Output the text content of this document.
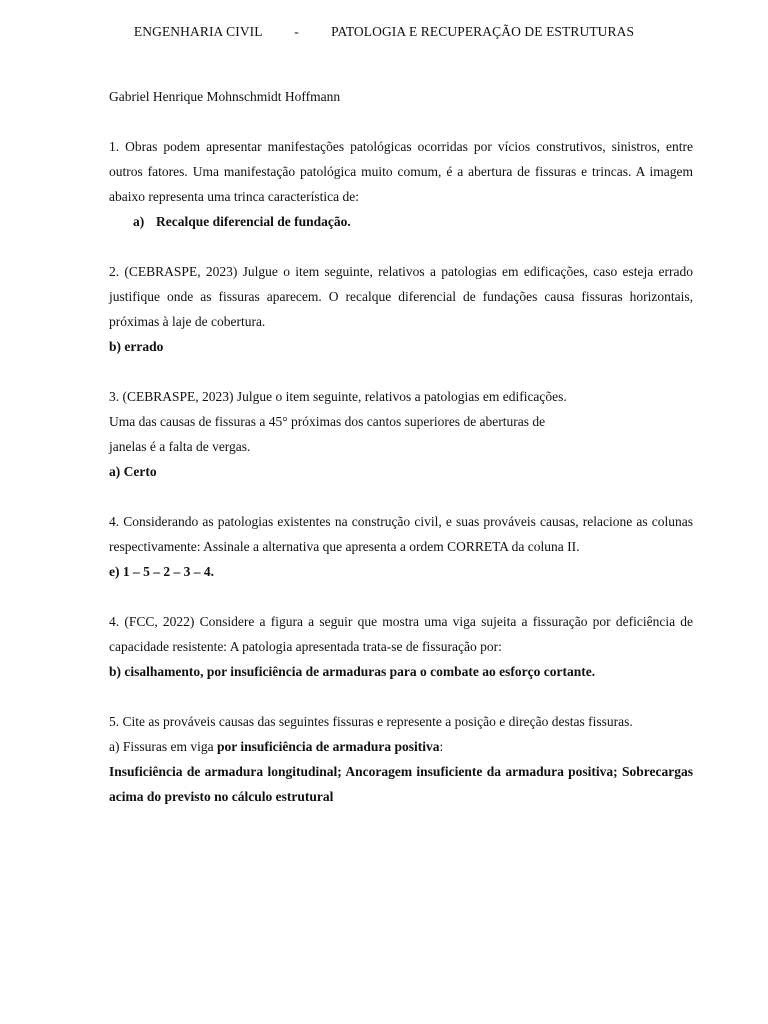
ENGENHARIA CIVIL - PATOLOGIA E RECUPERAÇÃO DE ESTRUTURAS

Gabriel Henrique Mohnschmidt Hoffmann

1. Obras podem apresentar manifestações patológicas ocorridas por vícios construtivos, sinistros, entre outros fatores. Uma manifestação patológica muito comum, é a abertura de fissuras e trincas. A imagem abaixo representa uma trinca característica de:

a) Recalque diferencial de fundação.

2. (CEBRASPE, 2023) Julgue o item seguinte, relativos a patologias em edificações, caso esteja errado justifique onde as fissuras aparecem. O recalque diferencial de fundações causa fissuras horizontais, próximas à laje de cobertura.

b) errado

3. (CEBRASPE, 2023) Julgue o item seguinte, relativos a patologias em edificações.

Uma das causas de fissuras a 45° próximas dos cantos superiores de aberturas de

janelas é a falta de vergas.

a) Certo

4. Considerando as patologias existentes na construção civil, e suas prováveis causas, relacione as colunas respectivamente: Assinale a alternativa que apresenta a ordem CORRETA da coluna II.

e) 1 – 5 – 2 – 3 – 4.

4. (FCC, 2022) Considere a figura a seguir que mostra uma viga sujeita a fissuração por deficiência de capacidade resistente: A patologia apresentada trata-se de fissuração por:

b) cisalhamento, por insuficiência de armaduras para o combate ao esforço cortante.

5. Cite as prováveis causas das seguintes fissuras e represente a posição e direção destas fissuras.

a) Fissuras em viga por insuficiência de armadura positiva:

Insuficiência de armadura longitudinal; Ancoragem insuficiente da armadura positiva; Sobrecargas acima do previsto no cálculo estrutural
